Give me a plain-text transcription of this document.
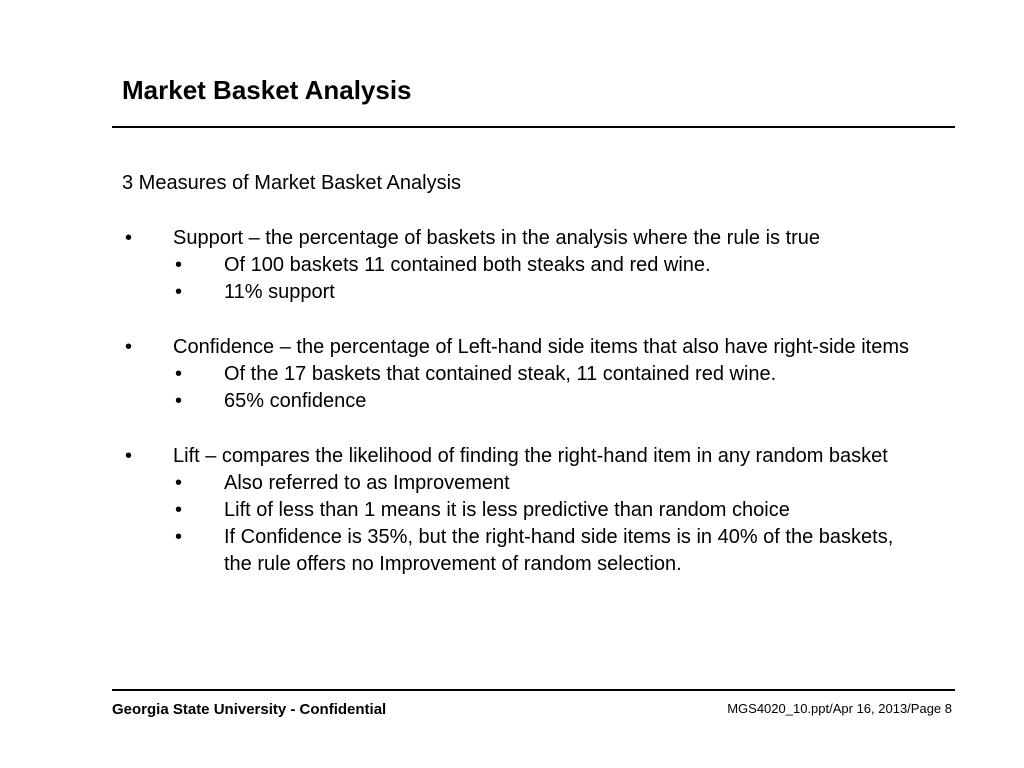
Market Basket Analysis
3 Measures of Market Basket Analysis
• Support – the percentage of baskets in the analysis where the rule is true
• Of 100 baskets 11 contained both steaks and red wine.
• 11% support
• Confidence – the percentage of Left-hand side items that also have right-side items
• Of the 17 baskets that contained steak, 11 contained red wine.
• 65% confidence
• Lift – compares the likelihood of finding the right-hand item in any random basket
• Also referred to as Improvement
• Lift of less than 1 means it is less predictive than random choice
• If Confidence is 35%, but the right-hand side items is in 40% of the baskets, the rule offers no Improvement of random selection.
Georgia State University - Confidential	MGS4020_10.ppt/Apr 16, 2013/Page 8
